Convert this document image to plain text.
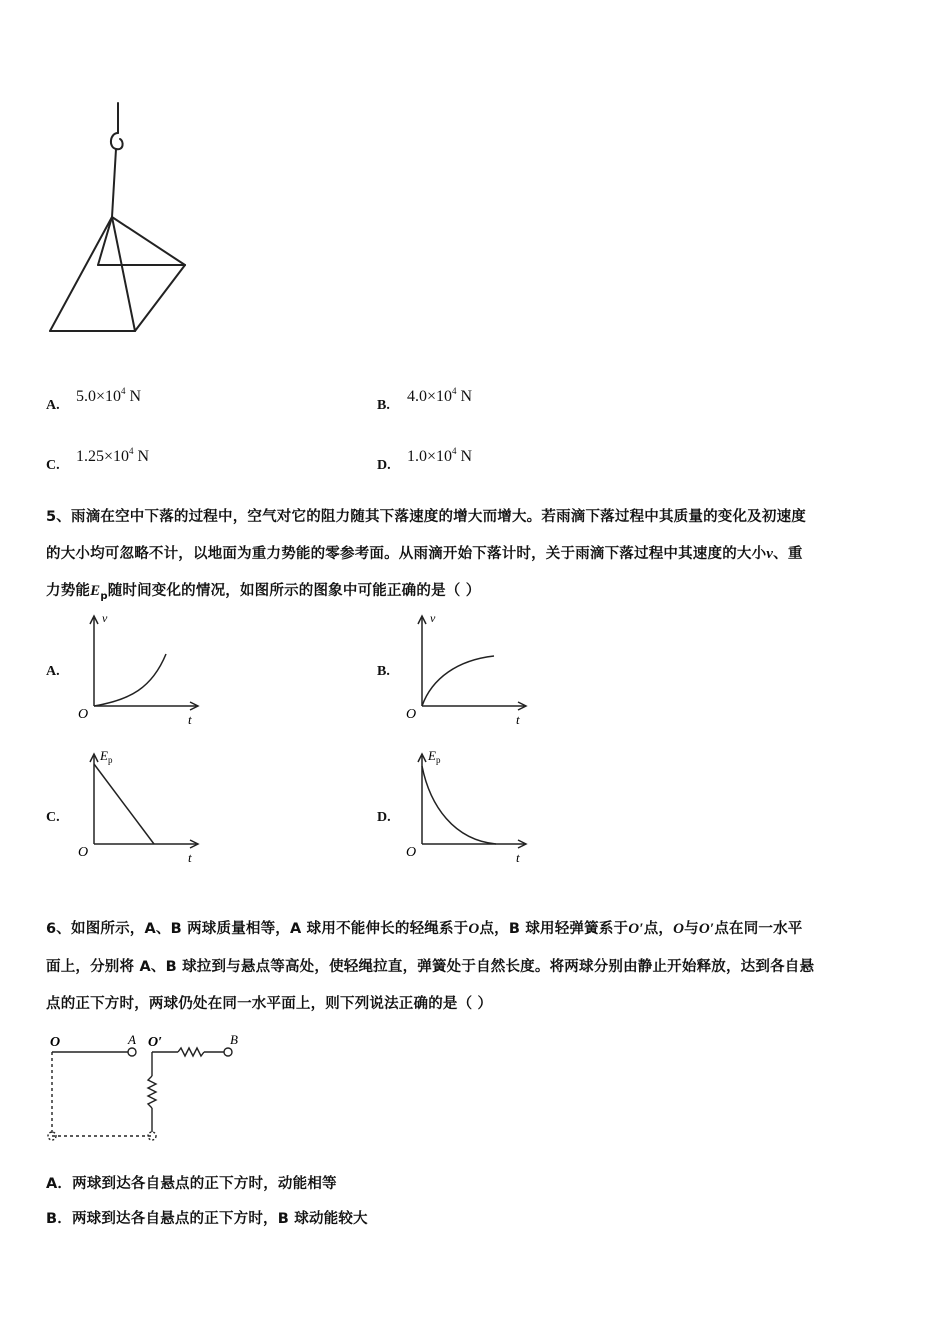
A.
$5.0\times 10^4$ N
B.
$4.0\times 10^4$ N
C.
$1.25\times 10^4$ N
D.
$1.0\times 10^4$ N
5、雨滴在空中下落的过程中，空气对它的阻力随其下落速度的增大而增大。若雨滴下落过程中其质量的变化及初速度
的大小均可忽略不计，以地面为重力势能的零参考面。从雨滴开始下落计时，关于雨滴下落过程中其速度的大小v、重
力势能$E_p$随时间变化的情况，如图所示的图象中可能正确的是（ ）
A.
v
O	t
B.
v
O	t
C.
$E_p$
O	t
D.
$E_p$
O	t
6、如图所示，A、B 两球质量相等，A 球用不能伸长的轻绳系于O点，B 球用轻弹簧系于O′点，O与O′点在同一水平
面上，分别将 A、B 球拉到与悬点等高处，使轻绳拉直，弹簧处于自然长度。将两球分别由静止开始释放，达到各自悬
点的正下方时，两球仍处在同一水平面上，则下列说法正确的是（ ）
O	A O′	B
A．两球到达各自悬点的正下方时，动能相等
B．两球到达各自悬点的正下方时，B 球动能较大
